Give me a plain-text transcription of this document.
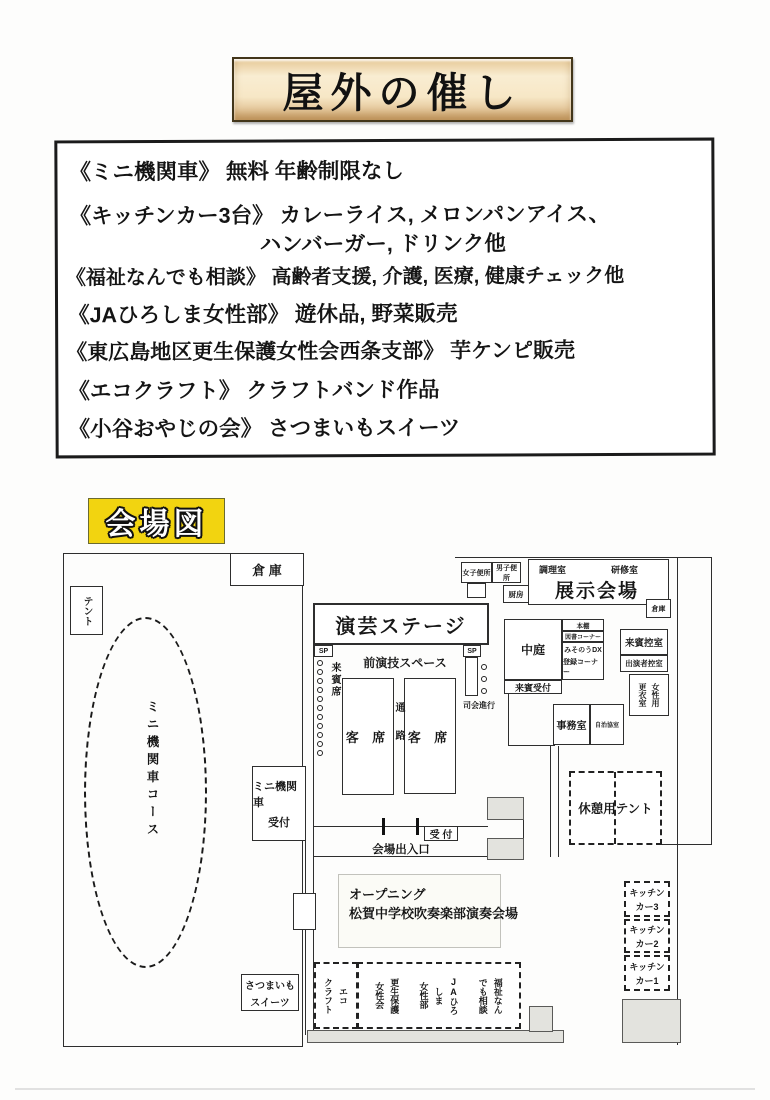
屋外の催し
《ミニ機関車》 無料 年齢制限なし
《キッチンカー3台》 カレーライス, メロンパンアイス、
ハンバーガー, ドリンク他
《福祉なんでも相談》 高齢者支援, 介護, 医療, 健康チェック他
《JAひろしま女性部》 遊休品, 野菜販売
《東広島地区更生保護女性会西条支部》 芋ケンピ販売
《エコクラフト》 クラフトバンド作品
《小谷おやじの会》 さつまいもスイーツ
会場図
倉 庫
テント
ミニ機関車コース	ミニ機関車
受付
演芸ステージ
SP	SP
来賓席	前演技スペース
客 席 客 席
通路	司会進行
女子便所
男子便所
厨房
調理室	研修室
展示会場
倉庫
中庭
本棚
図書コーナー
みそのうDX
登録コーナー
来賓受付
来賓控室
出演者控室
女性用
更衣室
事務室 自治協室
休憩用テント
受 付
会場出入口
オープニング
松賀中学校吹奏楽部演奏会場
さつまいも
スイーツ	エコ
クラフト	更生保護
女性会	JAひろ
しま
女性部	福祉なん
でも相談
キッチン
カー3
キッチン
カー2
キッチン
カー1
